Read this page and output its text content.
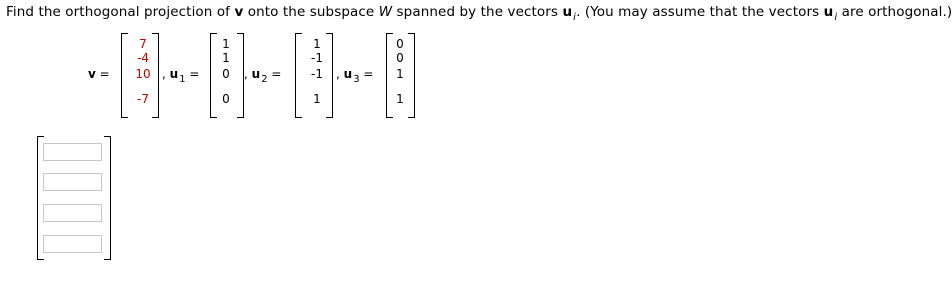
Find the orthogonal projection of v onto the subspace W spanned by the vectors $u_i$. (You may assume that the vectors $u_i$ are orthogonal.)
v =
7
-4
10
-7
, $u_1$ =
1
1
0
0
, $u_2$ =
1
-1
-1
1
, $u_3$ =
0
0
1
1
